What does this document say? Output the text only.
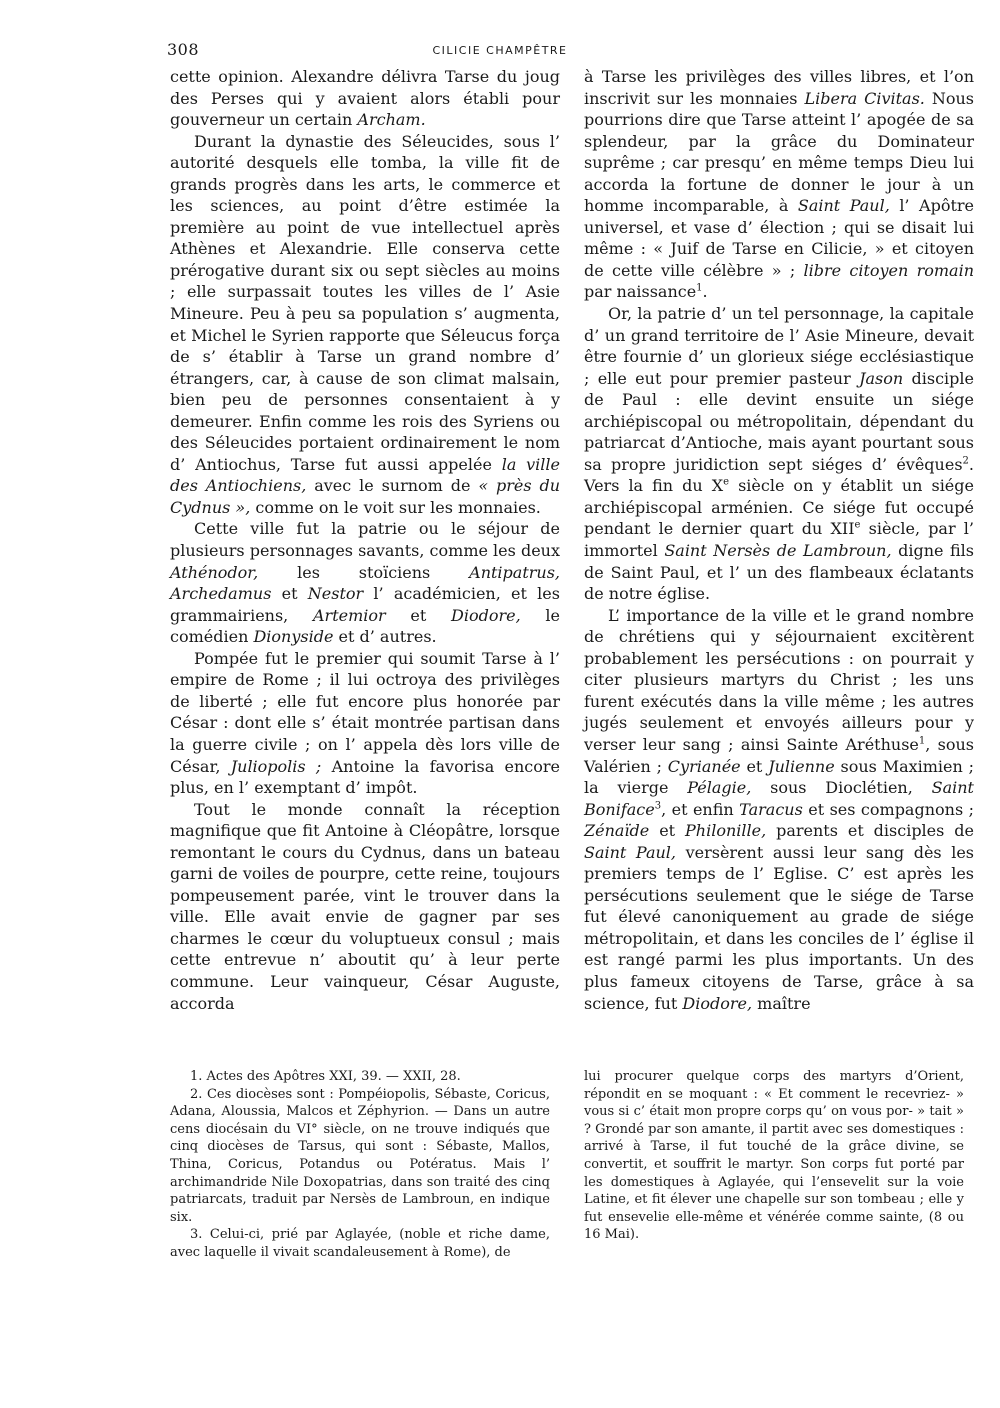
308	CILICIE CHAMPÊTRE

cette opinion. Alexandre délivra Tarse du joug des Perses qui y avaient alors établi pour gouverneur un certain Archam.

Durant la dynastie des Séleucides, sous l’ autorité desquels elle tomba, la ville fit de grands progrès dans les arts, le commerce et les sciences, au point d’être estimée la première au point de vue intellectuel après Athènes et Alexandrie. Elle conserva cette prérogative durant six ou sept siècles au moins ; elle surpassait toutes les villes de l’ Asie Mineure. Peu à peu sa population s’ augmenta, et Michel le Syrien rapporte que Séleucus força de s’ établir à Tarse un grand nombre d’ étrangers, car, à cause de son climat malsain, bien peu de personnes consentaient à y demeurer. Enfin comme les rois des Syriens ou des Séleucides portaient ordinairement le nom d’ Antiochus, Tarse fut aussi appelée la ville des Antiochiens, avec le surnom de « près du Cydnus », comme on le voit sur les monnaies.

Cette ville fut la patrie ou le séjour de plusieurs personnages savants, comme les deux Athénodor, les stoïciens Antipatrus, Archedamus et Nestor l’ académicien, et les grammairiens, Artemior et Diodore, le comédien Dionyside et d’ autres.

Pompée fut le premier qui soumit Tarse à l’ empire de Rome ; il lui octroya des privilèges de liberté ; elle fut encore plus honorée par César : dont elle s’ était montrée partisan dans la guerre civile ; on l’ appela dès lors ville de César, Juliopolis ; Antoine la favorisa encore plus, en l’ exemptant d’ impôt.

Tout le monde connaît la réception magnifique que fit Antoine à Cléopâtre, lorsque remontant le cours du Cydnus, dans un bateau garni de voiles de pourpre, cette reine, toujours pompeusement parée, vint le trouver dans la ville. Elle avait envie de gagner par ses charmes le cœur du voluptueux consul ; mais cette entrevue n’ aboutit qu’ à leur perte commune. Leur vainqueur, César Auguste, accorda

à Tarse les privilèges des villes libres, et l’on inscrivit sur les monnaies Libera Civitas. Nous pourrions dire que Tarse atteint l’ apogée de sa splendeur, par la grâce du Dominateur suprême ; car presqu’ en même temps Dieu lui accorda la fortune de donner le jour à un homme incomparable, à Saint Paul, l’ Apôtre universel, et vase d’ élection ; qui se disait lui même : « Juif de Tarse en Cilicie, » et citoyen de cette ville célèbre » ; libre citoyen romain par naissance$^1$.

Or, la patrie d’ un tel personnage, la capitale d’ un grand territoire de l’ Asie Mineure, devait être fournie d’ un glorieux siége ecclésiastique ; elle eut pour premier pasteur Jason disciple de Paul : elle devint ensuite un siége archiépiscopal ou métropolitain, dépendant du patriarcat d’Antioche, mais ayant pourtant sous sa propre juridiction sept siéges d’ évêques$^2$. Vers la fin du Xe siècle on y établit un siége archiépiscopal arménien. Ce siége fut occupé pendant le dernier quart du XIIe siècle, par l’ immortel Saint Nersès de Lambroun, digne fils de Saint Paul, et l’ un des flambeaux éclatants de notre église.

L’ importance de la ville et le grand nombre de chrétiens qui y séjournaient excitèrent probablement les persécutions : on pourrait y citer plusieurs martyrs du Christ ; les uns furent exécutés dans la ville même ; les autres jugés seulement et envoyés ailleurs pour y verser leur sang ; ainsi Sainte Aréthuse$^1$, sous Valérien ; Cyrianée et Julienne sous Maximien ; la vierge Pélagie, sous Dioclétien, Saint Boniface$^3$, et enfin Taracus et ses compagnons ; Zénaïde et Philonille, parents et disciples de Saint Paul, versèrent aussi leur sang dès les premiers temps de l’ Eglise. C’ est après les persécutions seulement que le siége de Tarse fut élevé canoniquement au grade de siége métropolitain, et dans les conciles de l’ église il est rangé parmi les plus importants. Un des plus fameux citoyens de Tarse, grâce à sa science, fut Diodore, maître

1. Actes des Apôtres XXI, 39. — XXII, 28.

2. Ces diocèses sont : Pompéiopolis, Sébaste, Coricus, Adana, Aloussia, Malcos et Zéphyrion. — Dans un autre cens diocésain du VI° siècle, on ne trouve indiqués que cinq diocèses de Tarsus, qui sont : Sébaste, Mallos, Thina, Coricus, Potandus ou Potératus. Mais l’ archimandride Nile Doxopatrias, dans son traité des cinq patriarcats, traduit par Nersès de Lambroun, en indique six.

3. Celui-ci, prié par Aglayée, (noble et riche dame, avec laquelle il vivait scandaleusement à Rome), de

lui procurer quelque corps des martyrs d’Orient, répondit en se moquant : « Et comment le recevriez- » vous si c’ était mon propre corps qu’ on vous por- » tait » ? Grondé par son amante, il partit avec ses domestiques : arrivé à Tarse, il fut touché de la grâce divine, se convertit, et souffrit le martyr. Son corps fut porté par les domestiques à Aglayée, qui l’ensevelit sur la voie Latine, et fit élever une chapelle sur son tombeau ; elle y fut ensevelie elle-même et vénérée comme sainte, (8 ou 16 Mai).
